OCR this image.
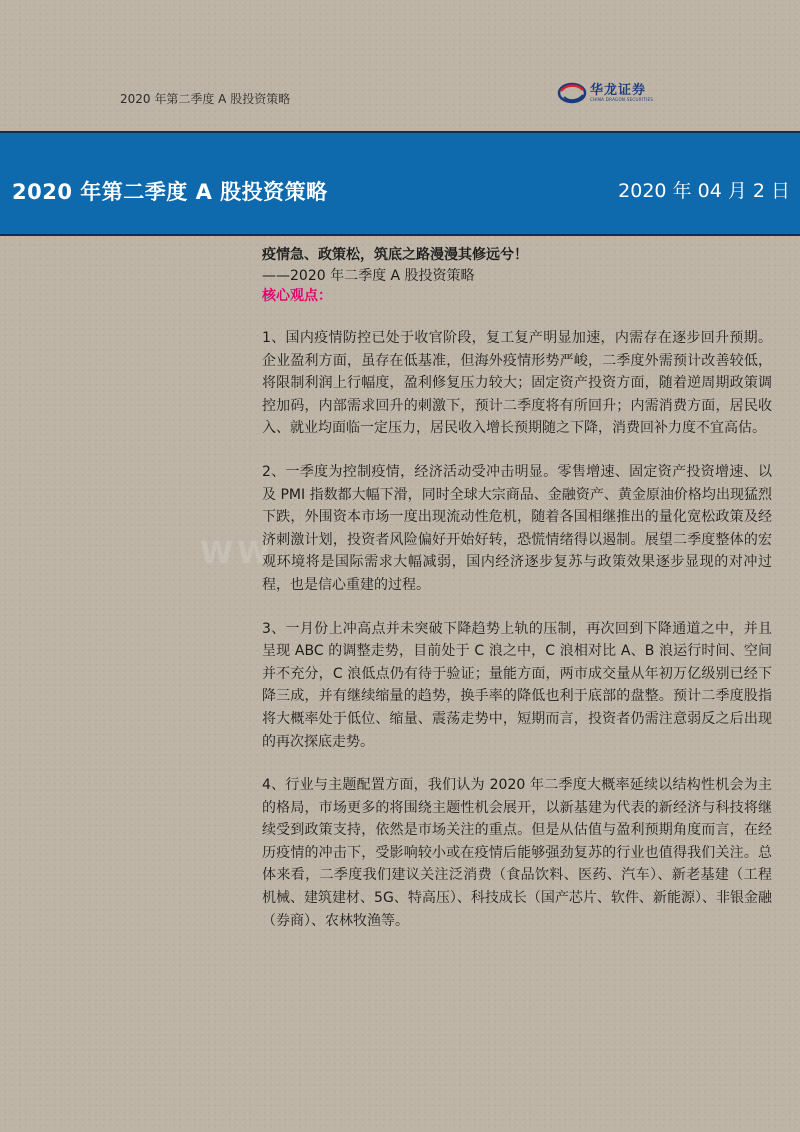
2020 年第二季度 A 股投资策略
华龙证券
CHINA DRAGON SECURITIES
2020 年第二季度 A 股投资策略	2020 年 04 月 2 日
WW
疫情急、政策松，筑底之路漫漫其修远兮！
——2020 年二季度 A 股投资策略
核心观点：

1、国内疫情防控已处于收官阶段，复工复产明显加速，内需存在逐步回升预期。企业盈利方面，虽存在低基准，但海外疫情形势严峻，二季度外需预计改善较低，将限制利润上行幅度，盈利修复压力较大；固定资产投资方面，随着逆周期政策调控加码，内部需求回升的刺激下，预计二季度将有所回升；内需消费方面，居民收入、就业均面临一定压力，居民收入增长预期随之下降，消费回补力度不宜高估。

2、一季度为控制疫情，经济活动受冲击明显。零售增速、固定资产投资增速、以及 PMI 指数都大幅下滑，同时全球大宗商品、金融资产、黄金原油价格均出现猛烈下跌，外围资本市场一度出现流动性危机，随着各国相继推出的量化宽松政策及经济刺激计划，投资者风险偏好开始好转，恐慌情绪得以遏制。展望二季度整体的宏观环境将是国际需求大幅减弱，国内经济逐步复苏与政策效果逐步显现的对冲过程，也是信心重建的过程。

3、一月份上冲高点并未突破下降趋势上轨的压制，再次回到下降通道之中，并且呈现 ABC 的调整走势，目前处于 C 浪之中，C 浪相对比 A、B 浪运行时间、空间并不充分，C 浪低点仍有待于验证；量能方面，两市成交量从年初万亿级别已经下降三成，并有继续缩量的趋势，换手率的降低也利于底部的盘整。预计二季度股指将大概率处于低位、缩量、震荡走势中，短期而言，投资者仍需注意弱反之后出现的再次探底走势。

4、行业与主题配置方面，我们认为 2020 年二季度大概率延续以结构性机会为主的格局，市场更多的将围绕主题性机会展开，以新基建为代表的新经济与科技将继续受到政策支持，依然是市场关注的重点。但是从估值与盈利预期角度而言，在经历疫情的冲击下，受影响较小或在疫情后能够强劲复苏的行业也值得我们关注。总体来看，二季度我们建议关注泛消费（食品饮料、医药、汽车）、新老基建（工程机械、建筑建材、5G、特高压）、科技成长（国产芯片、软件、新能源）、非银金融（券商）、农林牧渔等。
